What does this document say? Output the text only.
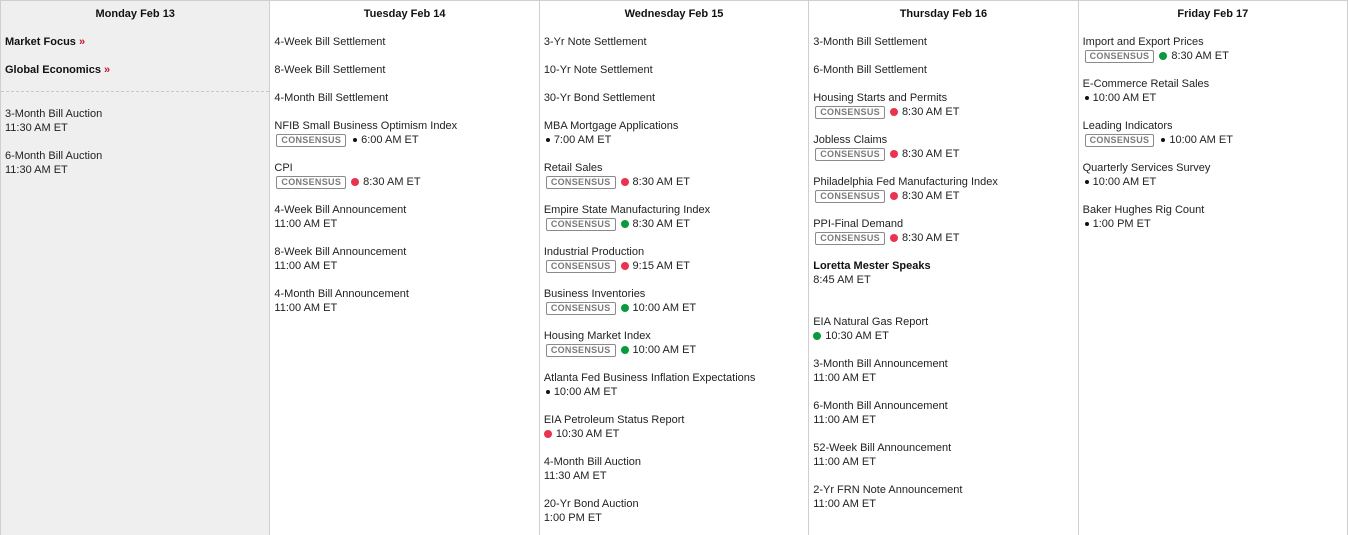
Monday Feb 13
Market Focus »
Global Economics »
3-Month Bill Auction
11:30 AM ET
6-Month Bill Auction
11:30 AM ET
Tuesday Feb 14
4-Week Bill Settlement
8-Week Bill Settlement
4-Month Bill Settlement
NFIB Small Business Optimism Index
CONSENSUS	6:00 AM ET
CPI
CONSENSUS	8:30 AM ET
4-Week Bill Announcement
11:00 AM ET
8-Week Bill Announcement
11:00 AM ET
4-Month Bill Announcement
11:00 AM ET
Wednesday Feb 15
3-Yr Note Settlement
10-Yr Note Settlement
30-Yr Bond Settlement
MBA Mortgage Applications
7:00 AM ET
Retail Sales
CONSENSUS	8:30 AM ET
Empire State Manufacturing Index
CONSENSUS	8:30 AM ET
Industrial Production
CONSENSUS	9:15 AM ET
Business Inventories
CONSENSUS	10:00 AM ET
Housing Market Index
CONSENSUS	10:00 AM ET
Atlanta Fed Business Inflation Expectations
10:00 AM ET
EIA Petroleum Status Report
10:30 AM ET
4-Month Bill Auction
11:30 AM ET
20-Yr Bond Auction
1:00 PM ET
Thursday Feb 16
3-Month Bill Settlement
6-Month Bill Settlement
Housing Starts and Permits
CONSENSUS	8:30 AM ET
Jobless Claims
CONSENSUS	8:30 AM ET
Philadelphia Fed Manufacturing Index
CONSENSUS	8:30 AM ET
PPI-Final Demand
CONSENSUS	8:30 AM ET
Loretta Mester Speaks
8:45 AM ET
EIA Natural Gas Report
10:30 AM ET
3-Month Bill Announcement
11:00 AM ET
6-Month Bill Announcement
11:00 AM ET
52-Week Bill Announcement
11:00 AM ET
2-Yr FRN Note Announcement
11:00 AM ET
Friday Feb 17
Import and Export Prices
CONSENSUS	8:30 AM ET
E-Commerce Retail Sales
10:00 AM ET
Leading Indicators
CONSENSUS	10:00 AM ET
Quarterly Services Survey
10:00 AM ET
Baker Hughes Rig Count
1:00 PM ET
